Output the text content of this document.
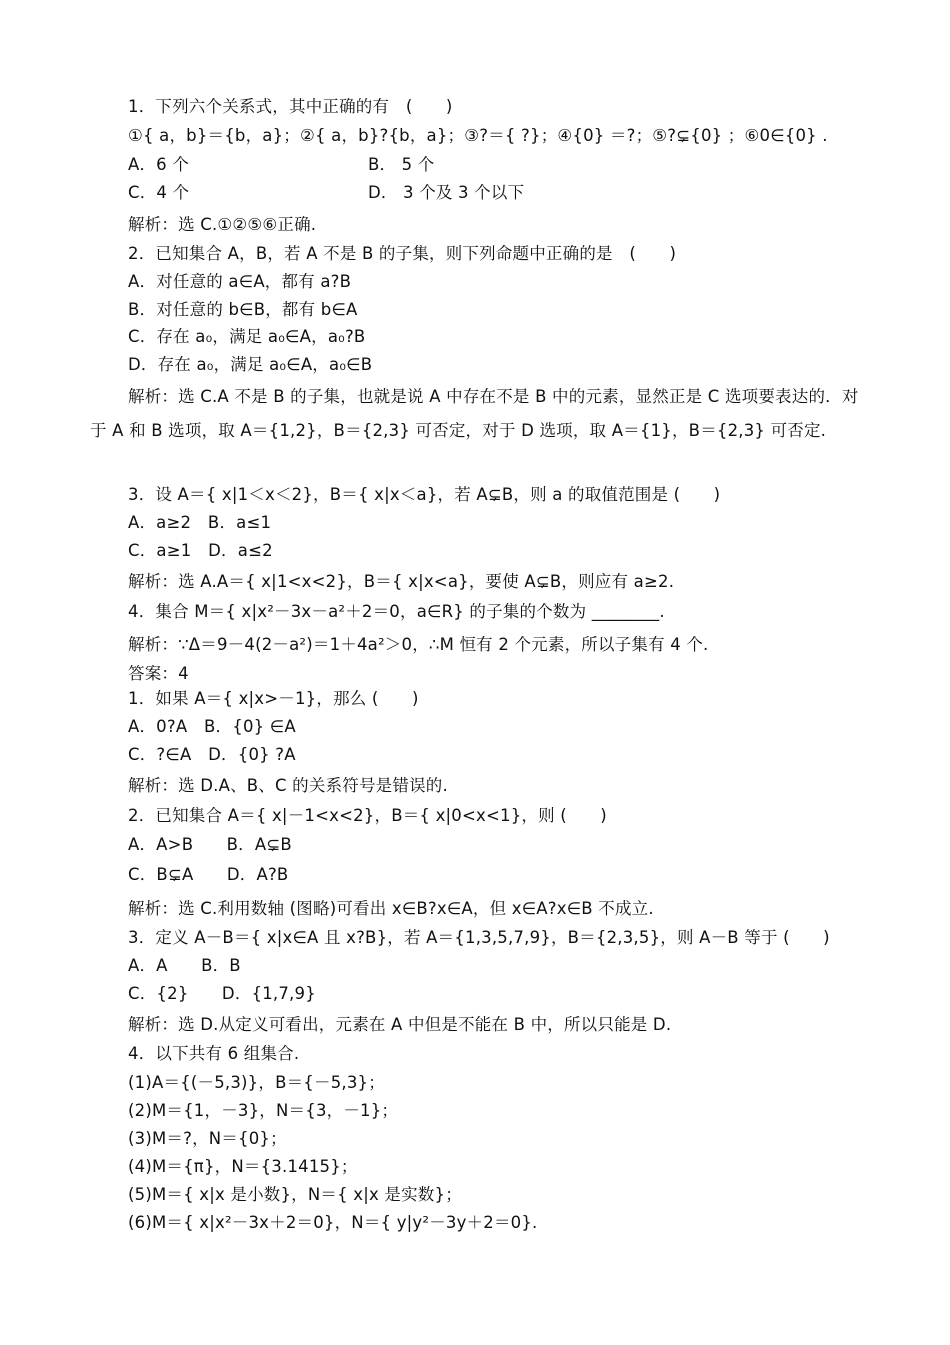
1．下列六个关系式，其中正确的有　(　　)
①{ a，b}＝{b，a}；②{ a，b}?{b，a}；③?＝{ ?}；④{0} ＝?；⑤?⊊{0} ；⑥0∈{0} .
A．6 个	B． 5 个
C．4 个	D． 3 个及 3 个以下
解析：选 C.①②⑤⑥正确.
2．已知集合 A，B，若 A 不是 B 的子集，则下列命题中正确的是　(　　)
A．对任意的 a∈A，都有 a?B
B．对任意的 b∈B，都有 b∈A
C．存在 a₀，满足 a₀∈A，a₀?B
D．存在 a₀，满足 a₀∈A，a₀∈B
解析：选 C.A 不是 B 的子集，也就是说 A 中存在不是 B 中的元素，显然正是 C 选项要表达的．对于 A 和 B 选项，取 A＝{1,2}，B＝{2,3} 可否定，对于 D 选项，取 A＝{1}，B＝{2,3} 可否定.
3．设 A＝{ x|1＜x＜2}，B＝{ x|x＜a}，若 A⊊B，则 a 的取值范围是 (　　)
A．a≥2　B．a≤1
C．a≥1　D．a≤2
解析：选 A.A＝{ x|1<x<2}，B＝{ x|x<a}，要使 A⊊B，则应有 a≥2.
4．集合 M＝{ x|x²－3x－a²＋2＝0，a∈R} 的子集的个数为 ________.
解析：∵Δ＝9－4(2－a²)＝1＋4a²＞0，∴M 恒有 2 个元素，所以子集有 4 个.
答案：4
1．如果 A＝{ x|x>－1}，那么 (　　)
A．0?A　B．{0} ∈A
C．?∈A　D．{0} ?A
解析：选 D.A、B、C 的关系符号是错误的.
2．已知集合 A＝{ x|－1<x<2}，B＝{ x|0<x<1}，则 (　　)
A．A>B　　B．A⊊B
C．B⊊A　　D．A?B
解析：选 C.利用数轴 (图略)可看出 x∈B?x∈A，但 x∈A?x∈B 不成立.
3．定义 A－B＝{ x|x∈A 且 x?B}，若 A＝{1,3,5,7,9}，B＝{2,3,5}，则 A－B 等于 (　　)
A．A　　B．B
C．{2}　　D．{1,7,9}
解析：选 D.从定义可看出，元素在 A 中但是不能在 B 中，所以只能是 D.
4．以下共有 6 组集合.
(1)A＝{(－5,3)}，B＝{－5,3}；
(2)M＝{1，－3}，N＝{3，－1}；
(3)M＝?，N＝{0}；
(4)M＝{π}，N＝{3.1415}；
(5)M＝{ x|x 是小数}，N＝{ x|x 是实数}；
(6)M＝{ x|x²－3x＋2＝0}，N＝{ y|y²－3y＋2＝0}.
